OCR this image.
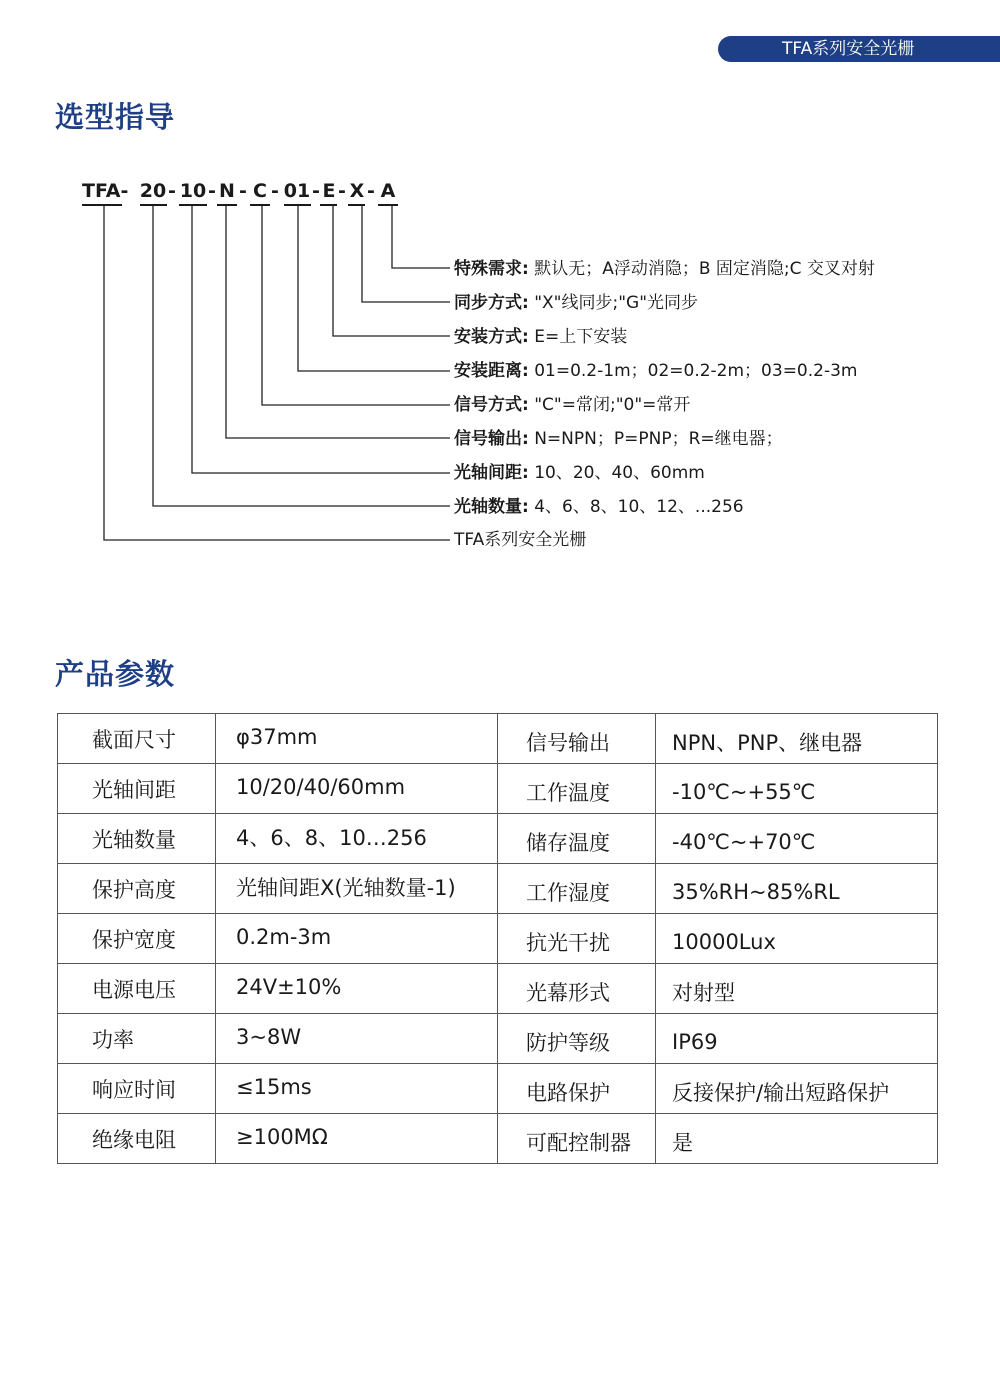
TFA系列安全光栅
选型指导
TFA- 20 - 10 - N - C - 01 - E - X - A
特殊需求: 默认无；A浮动消隐；B 固定消隐;C 交叉对射
同步方式: "X"线同步;"G"光同步
安装方式: E=上下安装
安装距离: 01=0.2-1m；02=0.2-2m；03=0.2-3m
信号方式: "C"=常闭;"0"=常开
信号输出: N=NPN；P=PNP；R=继电器；
光轴间距: 10、20、40、60mm
光轴数量: 4、6、8、10、12、...256
TFA系列安全光栅
产品参数
截面尺寸	φ37mm	信号输出	NPN、PNP、继电器
光轴间距	10/20/40/60mm	工作温度	-10℃~+55℃
光轴数量	4、6、8、10…256	储存温度	-40℃~+70℃
保护高度	光轴间距X(光轴数量-1)	工作湿度	35%RH~85%RL
保护宽度	0.2m-3m	抗光干扰	10000Lux
电源电压	24V±10%	光幕形式	对射型
功率	3~8W	防护等级	IP69
响应时间	≤15ms	电路保护	反接保护/输出短路保护
绝缘电阻	≥100MΩ	可配控制器	是
